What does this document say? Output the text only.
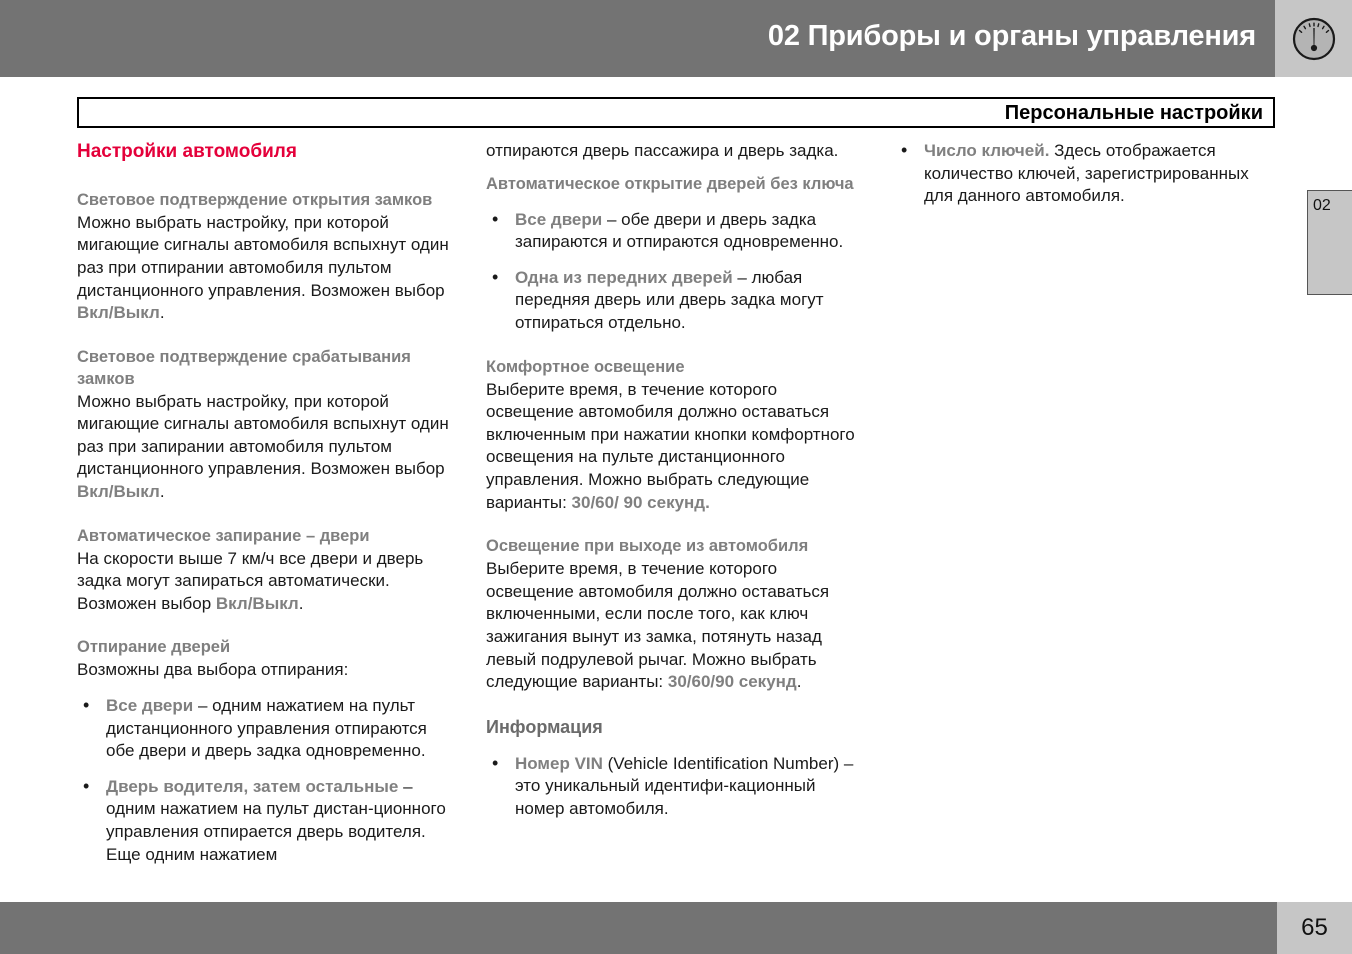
02 Приборы и органы управления
Персональные настройки
02
Настройки автомобиля
Световое подтверждение открытия замков

Можно выбрать настройку, при которой мигающие сигналы автомобиля вспыхнут один раз при отпирании автомобиля пультом дистанционного управления. Возможен выбор Вкл/Выкл.

Световое подтверждение срабатывания замков

Можно выбрать настройку, при которой мигающие сигналы автомобиля вспыхнут один раз при запирании автомобиля пультом дистанционного управления. Возможен выбор Вкл/Выкл.

Автоматическое запирание – двери

На скорости выше 7 км/ч все двери и дверь задка могут запираться автоматически. Возможен выбор Вкл/Выкл.

Отпирание дверей

Возможны два выбора отпирания:

• Все двери – одним нажатием на пульт дистанционного управления отпираются обе двери и дверь задка одновременно.
• Дверь водителя, затем остальные – одним нажатием на пульт дистан-ционного управления отпирается дверь водителя. Еще одним нажатием

отпираются дверь пассажира и дверь задка.

Автоматическое открытие дверей без ключа
• Все двери – обе двери и дверь задка запираются и отпираются одновременно.
• Одна из передних дверей – любая передняя дверь или дверь задка могут отпираться отдельно.
Комфортное освещение

Выберите время, в течение которого освещение автомобиля должно оставаться включенным при нажатии кнопки комфортного освещения на пульте дистанционного управления. Можно выбрать следующие варианты: 30/60/ 90 секунд.

Освещение при выходе из автомобиля

Выберите время, в течение которого освещение автомобиля должно оставаться включенными, если после того, как ключ зажигания вынут из замка, потянуть назад левый подрулевой рычаг. Можно выбрать следующие варианты: 30/60/90 секунд.

Информация
• Номер VIN (Vehicle Identification Number) – это уникальный идентифи-кационный номер автомобиля.
• Число ключей. Здесь отображается количество ключей, зарегистрированных для данного автомобиля.
65
